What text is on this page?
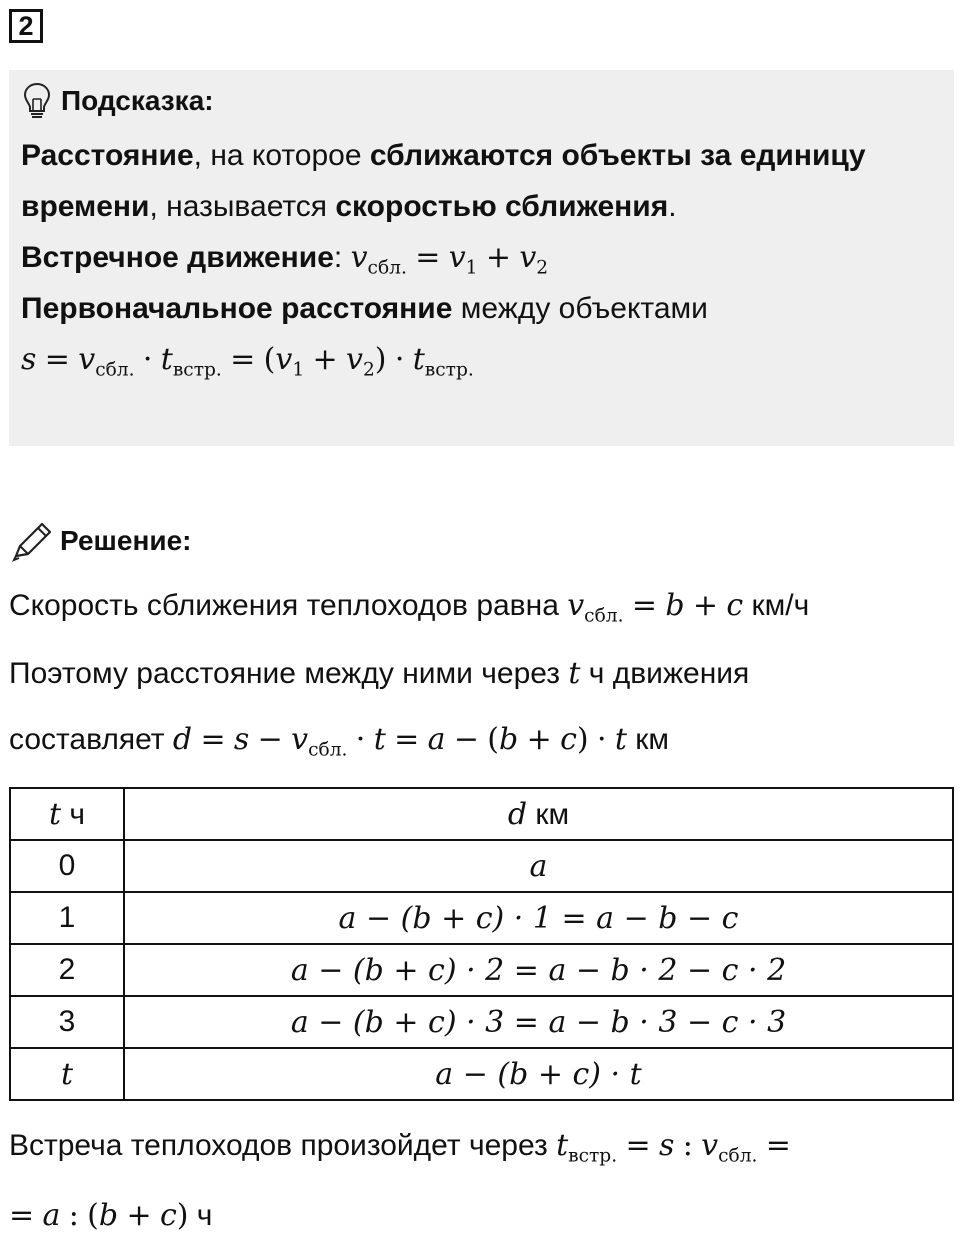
2
Подсказка:
Расстояние, на которое сближаются объекты за единицу времени, называется скоростью сближения.
Встречное движение: $v_{сбл.} = v_1 + v_2$
Первоначальное расстояние между объектами
$s = v_{сбл.} \cdot t_{встр.} = (v_1 + v_2) \cdot t_{встр.}$
Решение:
Скорость сближения теплоходов равна $v_{сбл.} = b + c$ км/ч
Поэтому расстояние между ними через t ч движения
составляет $d = s - v_{сбл.} \cdot t = a - (b + c) \cdot t$ км
t ч	d км
0	a
1	a − (b + c) · 1 = a − b − c
2	a − (b + c) · 2 = a − b · 2 − c · 2
3	a − (b + c) · 3 = a − b · 3 − c · 3
t	a − (b + c) · t
Встреча теплоходов произойдет через $t_{встр.} = s$ : $v_{сбл.}$ =
= a : (b + c) ч
